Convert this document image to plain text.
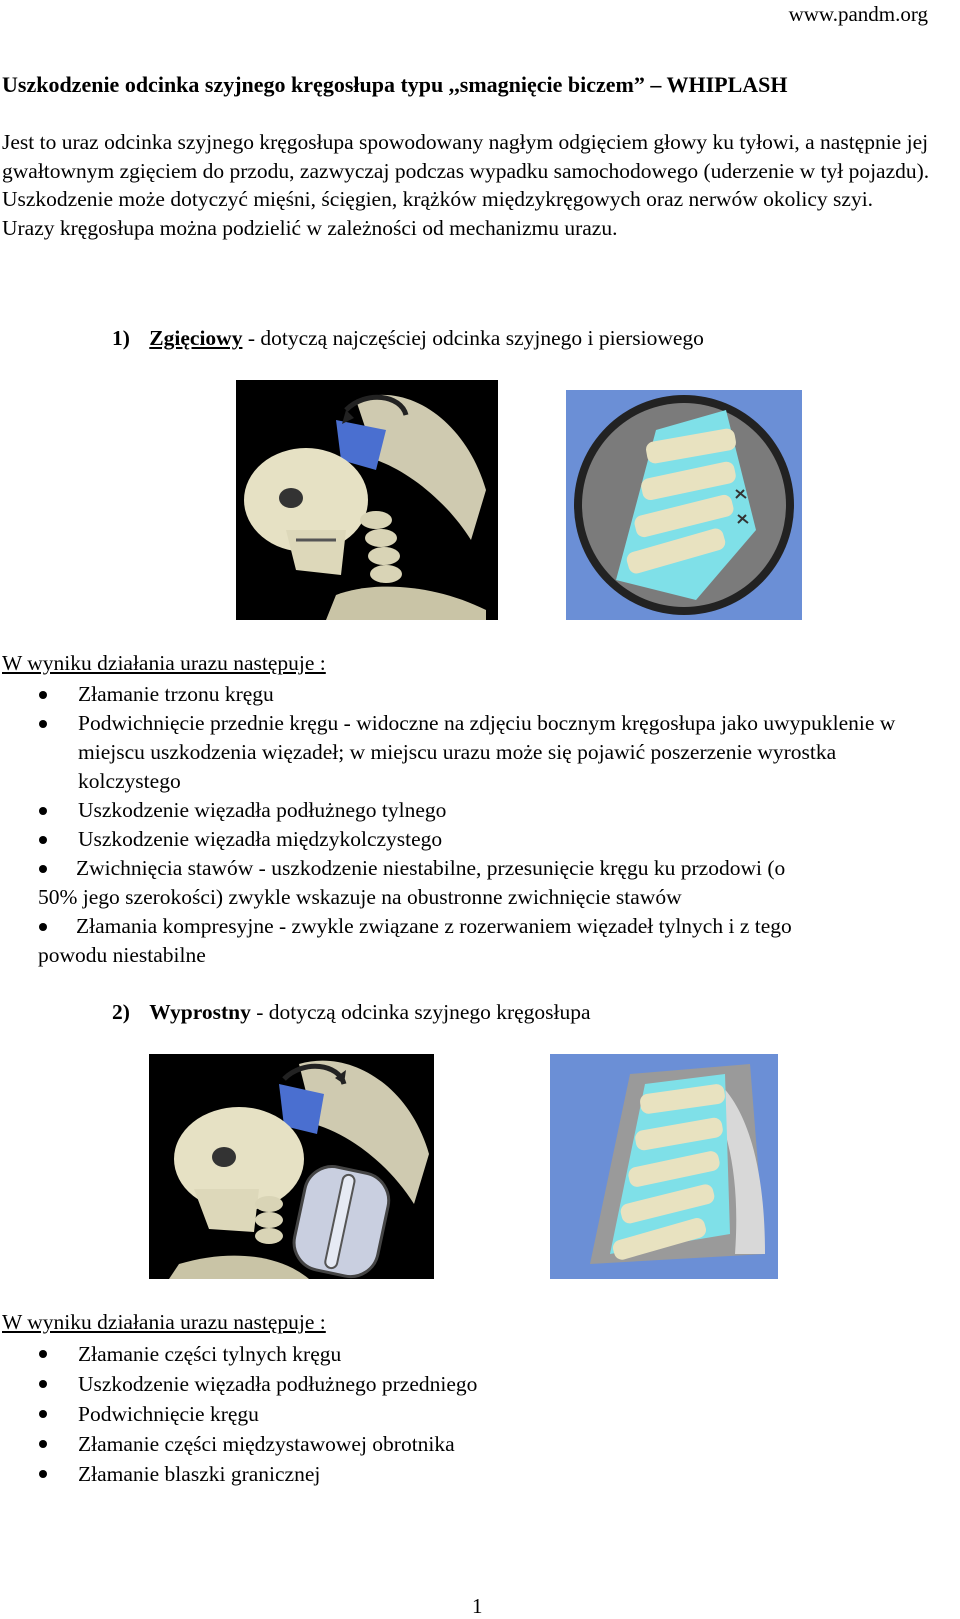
www.pandm.org
Uszkodzenie odcinka szyjnego kręgosłupa typu ,,smagnięcie biczem” – WHIPLASH

Jest to uraz odcinka szyjnego kręgosłupa spowodowany nagłym odgięciem głowy ku tyłowi, a następnie jej gwałtownym zgięciem do przodu, zazwyczaj podczas wypadku samochodowego (uderzenie w tył pojazdu).

Uszkodzenie może dotyczyć mięśni, ścięgien, krążków międzykręgowych oraz nerwów okolicy szyi.

Urazy kręgosłupa można podzielić w zależności od mechanizmu urazu.

1) Zgięciowy - dotyczą najczęściej odcinka szyjnego i piersiowego
W wyniku działania urazu następuje :
Złamanie trzonu kręgu
Podwichnięcie przednie kręgu - widoczne na zdjęciu bocznym kręgosłupa jako uwypuklenie w miejscu uszkodzenia więzadeł; w miejscu urazu może się pojawić poszerzenie wyrostka kolczystego
Uszkodzenie więzadła podłużnego tylnego
Uszkodzenie więzadła międzykolczystego
Zwichnięcia stawów - uszkodzenie niestabilne, przesunięcie kręgu ku przodowi (o
50% jego szerokości) zwykle wskazuje na obustronne zwichnięcie stawów
Złamania kompresyjne - zwykle związane z rozerwaniem więzadeł tylnych i z tego
powodu niestabilne
2) Wyprostny - dotyczą odcinka szyjnego kręgosłupa
W wyniku działania urazu następuje :
Złamanie części tylnych kręgu
Uszkodzenie więzadła podłużnego przedniego
Podwichnięcie kręgu
Złamanie części międzystawowej obrotnika
Złamanie blaszki granicznej
1
